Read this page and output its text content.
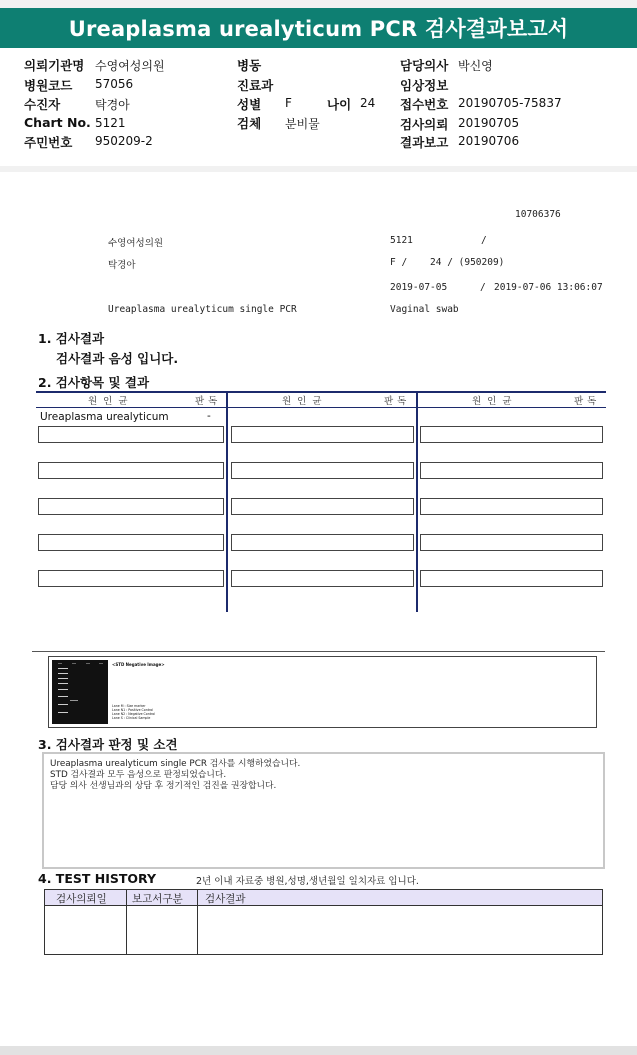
Ureaplasma urealyticum PCR 검사결과보고서
의뢰기관명 수영여성의원
병원코드 57056
수진자	탁경아
Chart No. 5121
주민번호 950209-2
병동
진료과
성별 F	나이 24
검체 분비물
담당의사 박신영
임상정보
접수번호 20190705-75837
검사의뢰 20190705
결과보고 20190706
10706376
수영여성의원	5121	/
탁경아	F /    24 / (950209)
2019-07-05	/ 2019-07-06 13:06:07
Ureaplasma urealyticum single PCR	Vaginal swab
1. 검사결과
검사결과 음성 입니다.
2. 검사항목 및 결과
원인균	판독	원인균	판독	원인균	판독
Ureaplasma urealyticum	-
<STD Negative Image>
Lane M : Size marker
Lane N1 : Positive Control
Lane N2 : Negative Control
Lane S : Clinical Sample
3. 검사결과 판정 및 소견
Ureaplasma urealyticum single PCR 검사를 시행하였습니다.
STD 검사결과 모두 음성으로 판정되었습니다.
담당 의사 선생님과의 상담 후 정기적인 검진을 권장합니다.
4. TEST HISTORY	2년 이내 자료중 병원,성명,생년월일 일치자료 입니다.
검사의뢰일 보고서구분 검사결과
